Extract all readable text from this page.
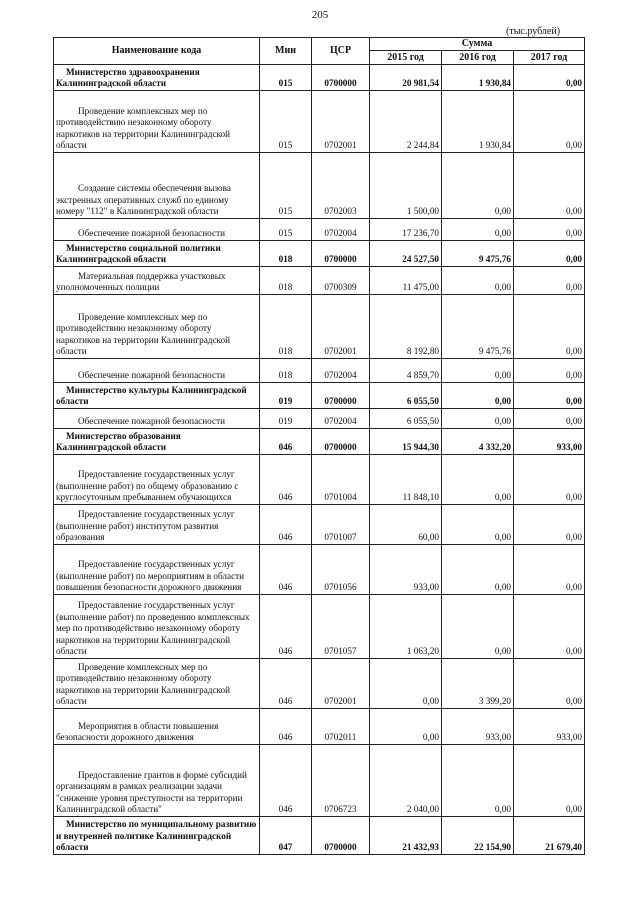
205
(тыс.рублей)
Наименование кода	Мин	ЦСР	Сумма		
			2015 год	2016 год	2017 год
Министерство здравоохранения Калининградской области	015	0700000	20 981,54	1 930,84	0,00
Проведение комплексных мер по противодействию незаконному обороту наркотиков на территории Калининградской области	015	0702001	2 244,84	1 930,84	0,00
Создание системы обеспечения вызова экстренных оперативных служб по единому номеру "112" в Калининградской области	015	0702003	1 500,00	0,00	0,00
Обеспечение пожарной безопасности	015	0702004	17 236,70	0,00	0,00
Министерство социальной политики Калининградской области	018	0700000	24 527,50	9 475,76	0,00
Материальная поддержка участковых уполномоченных полиции	018	0700309	11 475,00	0,00	0,00
Проведение комплексных мер по противодействию незаконному обороту наркотиков на территории Калининградской области	018	0702001	8 192,80	9 475,76	0,00
Обеспечение пожарной безопасности	018	0702004	4 859,70	0,00	0,00
Министерство культуры Калининградской области	019	0700000	6 055,50	0,00	0,00
Обеспечение пожарной безопасности	019	0702004	6 055,50	0,00	0,00
Министерство образования Калининградской области	046	0700000	15 944,30	4 332,20	933,00
Предоставление государственных услуг (выполнение работ) по общему образованию с круглосуточным пребыванием обучающихся	046	0701004	11 848,10	0,00	0,00
Предоставление государственных услуг (выполнение работ) институтом развития образования	046	0701007	60,00	0,00	0,00
Предоставление государственных услуг (выполнение работ) по мероприятиям в области повышения безопасности дорожного движения	046	0701056	933,00	0,00	0,00
Предоставление государственных услуг (выполнение работ) по проведению комплексных мер по противодействию незаконному обороту наркотиков на территории Калининградской области	046	0701057	1 063,20	0,00	0,00
Проведение комплексных мер по противодействию незаконному обороту наркотиков на территории Калининградской области	046	0702001	0,00	3 399,20	0,00
Мероприятия в области повышения безопасности дорожного движения	046	0702011	0,00	933,00	933,00
Предоставление грантов в форме субсидий организациям в рамках реализации задачи "снижение уровня преступности на территории Калининградской области"	046	0706723	2 040,00	0,00	0,00
Министерство по муниципальному развитию и внутренней политике Калининградской области	047	0700000	21 432,93	22 154,90	21 679,40
